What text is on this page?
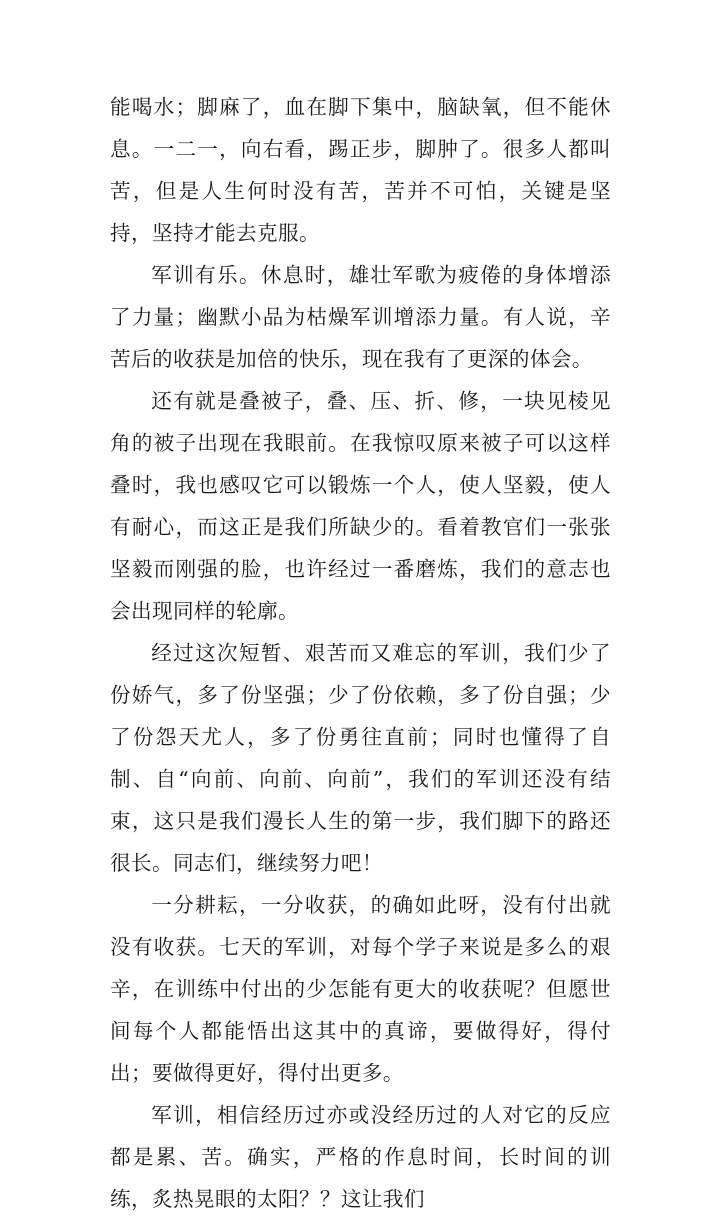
能喝水；脚麻了，血在脚下集中，脑缺氧，但不能休息。一二一，向右看，踢正步，脚肿了。很多人都叫苦，但是人生何时没有苦，苦并不可怕，关键是坚持，坚持才能去克服。

军训有乐。休息时，雄壮军歌为疲倦的身体增添了力量；幽默小品为枯燥军训增添力量。有人说，辛苦后的收获是加倍的快乐，现在我有了更深的体会。

还有就是叠被子，叠、压、折、修，一块见棱见角的被子出现在我眼前。在我惊叹原来被子可以这样叠时，我也感叹它可以锻炼一个人，使人坚毅，使人有耐心，而这正是我们所缺少的。看着教官们一张张坚毅而刚强的脸，也许经过一番磨炼，我们的意志也会出现同样的轮廓。

经过这次短暂、艰苦而又难忘的军训，我们少了份娇气，多了份坚强；少了份依赖，多了份自强；少了份怨天尤人，多了份勇往直前；同时也懂得了自制、自“向前、向前、向前”，我们的军训还没有结束，这只是我们漫长人生的第一步，我们脚下的路还很长。同志们，继续努力吧！

一分耕耘，一分收获，的确如此呀，没有付出就没有收获。七天的军训，对每个学子来说是多么的艰辛，在训练中付出的少怎能有更大的收获呢？但愿世间每个人都能悟出这其中的真谛，要做得好，得付出；要做得更好，得付出更多。

军训，相信经历过亦或没经历过的人对它的反应都是累、苦。确实，严格的作息时间，长时间的训练，炙热晃眼的太阳？？这让我们
